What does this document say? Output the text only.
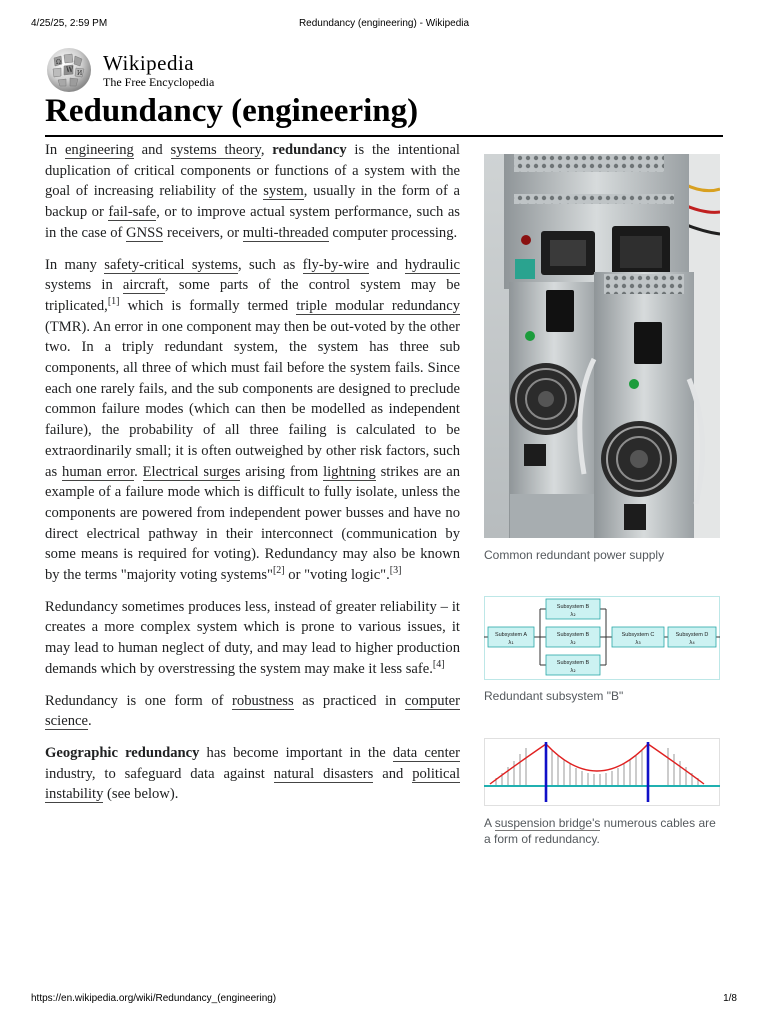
4/25/25, 2:59 PM	Redundancy (engineering) - Wikipedia
Ω
W И Wikipedia
The Free Encyclopedia
Redundancy (engineering)

In engineering and systems theory, redundancy is the intentional duplication of critical components or functions of a system with the goal of increasing reliability of the system, usually in the form of a backup or fail-safe, or to improve actual system performance, such as in the case of GNSS receivers, or multi-threaded computer processing.

In many safety-critical systems, such as fly-by-wire and hydraulic systems in aircraft, some parts of the control system may be triplicated,[1] which is formally termed triple modular redundancy (TMR). An error in one component may then be out-voted by the other two. In a triply redundant system, the system has three sub components, all three of which must fail before the system fails. Since each one rarely fails, and the sub components are designed to preclude common failure modes (which can then be modelled as independent failure), the probability of all three failing is calculated to be extraordinarily small; it is often outweighed by other risk factors, such as human error. Electrical surges arising from lightning strikes are an example of a failure mode which is difficult to fully isolate, unless the components are powered from independent power busses and have no direct electrical pathway in their interconnect (communication by some means is required for voting). Redundancy may also be known by the terms "majority voting systems"[2] or "voting logic".[3]

Redundancy sometimes produces less, instead of greater reliability – it creates a more complex system which is prone to various issues, it may lead to human neglect of duty, and may lead to higher production demands which by overstressing the system may make it less safe.[4]

Redundancy is one form of robustness as practiced in computer science.

Geographic redundancy has become important in the data center industry, to safeguard data against natural disasters and political instability (see below).

Common redundant power supply
Subsystem A
λ₁
Subsystem B
λ₂
Subsystem B
λ₂
Subsystem B
λ₂
Subsystem C
λ₃
Subsystem D
λ₄
Redundant subsystem "B"
A suspension bridge's numerous cables are a form of redundancy.
https://en.wikipedia.org/wiki/Redundancy_(engineering)	1/8
